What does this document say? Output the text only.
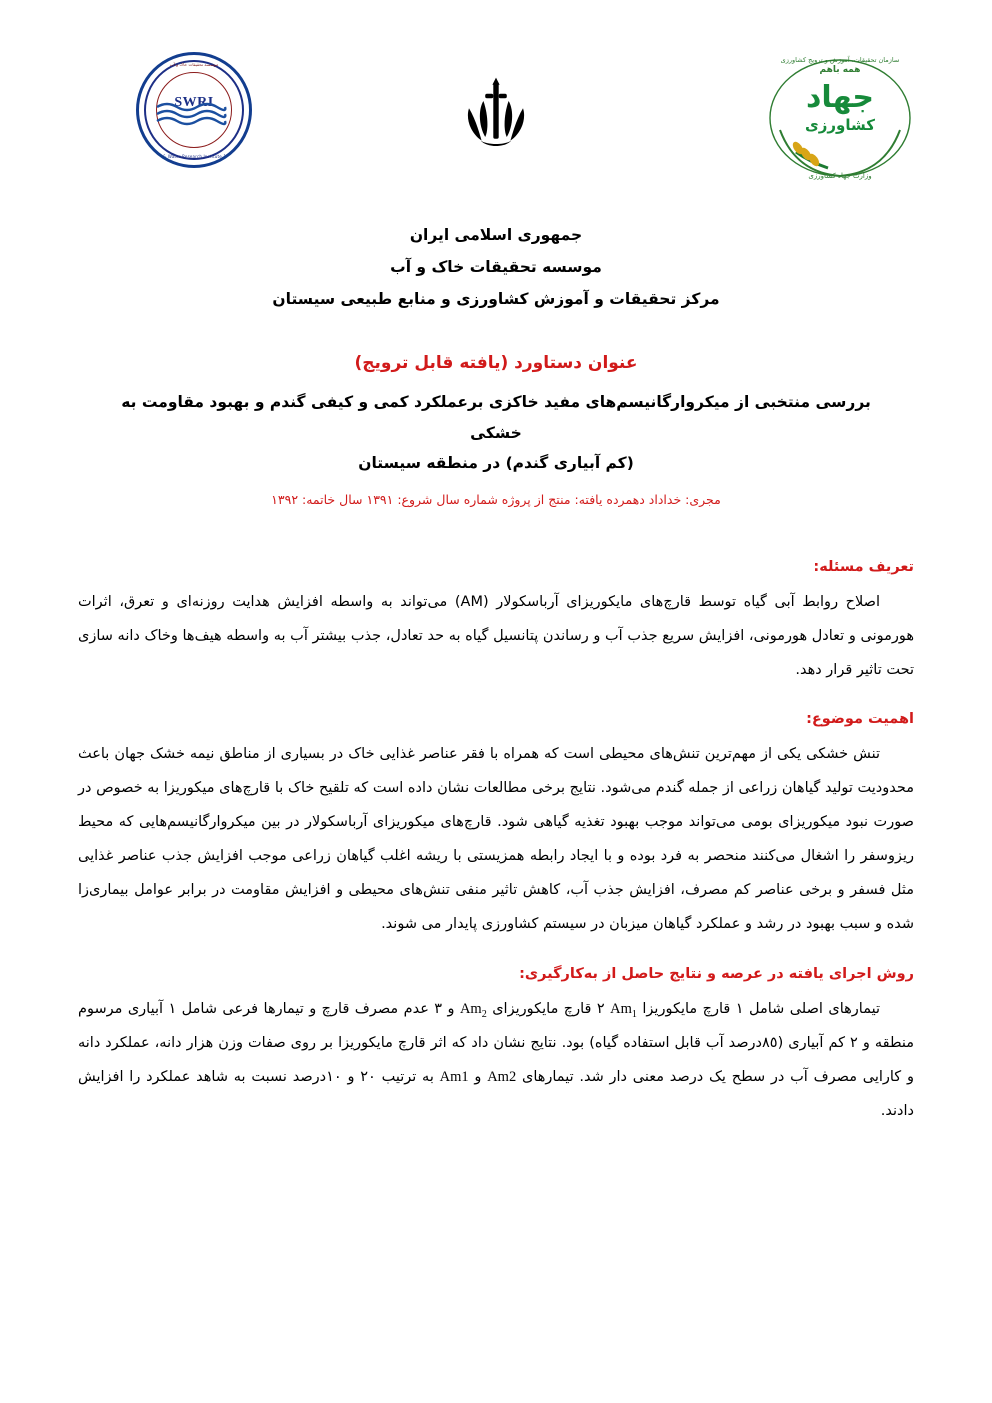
موسسه تحقیقات خاک و آب
SWRI
Soil & Water Research Institute 1952
سازمان تحقیقات، آموزش و ترویج کشاورزی
همه باهم
جهاد
کشاورزی
وزارت جهاد کشاورزی
جمهوری اسلامی ایران
موسسه تحقیقات خاک و آب
مرکز تحقیقات و آموزش کشاورزی و منابع طبیعی سیستان
عنوان دستاورد (یافته قابل ترویج)
بررسی منتخبی از میکروارگانیسم‌های مفید خاکزی برعملکرد کمی و کیفی گندم و بهبود مقاومت به خشکی
(کم آبیاری گندم) در منطقه سیستان
مجری: خداداد دهمرده یافته: منتج از پروژه شماره سال شروع: ١٣٩١ سال خاتمه: ١٣٩٢
تعریف مسئله:
اصلاح روابط آبی گیاه توسط قارچ‌های مایکوریزای آرباسکولار (AM) می‌تواند به واسطه افزایش هدایت روزنه‌ای و تعرق، اثرات هورمونی و تعادل هورمونی، افزایش سریع جذب آب و رساندن پتانسیل گیاه به حد تعادل، جذب بیشتر آب به واسطه هیف‌ها وخاک دانه سازی تحت تاثیر قرار دهد.
اهمیت موضوع:
تنش خشکی یکی از مهم‌ترین تنش‌های محیطی است که همراه با فقر عناصر غذایی خاک در بسیاری از مناطق نیمه خشک جهان باعث محدودیت تولید گیاهان زراعی از جمله گندم می‌شود. نتایج برخی مطالعات نشان داده است که تلقیح خاک با قارچ‌های میکوریزا به خصوص در صورت نبود میکوریزای بومی می‌تواند موجب بهبود تغذیه گیاهی شود. قارچ‌های میکوریزای آرباسکولار در بین میکروارگانیسم‌هایی که محیط ریزوسفر را اشغال می‌کنند منحصر به فرد بوده و با ایجاد رابطه همزیستی با ریشه اغلب گیاهان زراعی موجب افزایش جذب عناصر غذایی مثل فسفر و برخی عناصر کم مصرف، افزایش جذب آب، کاهش تاثیر منفی تنش‌های محیطی و افزایش مقاومت در برابر عوامل بیماری‌زا شده و سبب بهبود در رشد و عملکرد گیاهان میزبان در سیستم کشاورزی پایدار می شوند.
روش اجرای یافته در عرصه و نتایج حاصل از به‌کارگیری:
تیمارهای اصلی شامل ١ قارچ مایکوریزا $Am_1$ ٢ قارچ مایکوریزای $Am_2$ و ٣ عدم مصرف قارچ و تیمارها فرعی شامل ١ آبیاری مرسوم منطقه و ٢ کم آبیاری (٨٥درصد آب قابل استفاده گیاه) بود. نتایج نشان داد که اثر قارچ مایکوریزا بر روی صفات وزن هزار دانه، عملکرد دانه و کارایی مصرف آب در سطح یک درصد معنی دار شد. تیمارهای Am2 و Am1 به ترتیب ٢٠ و ١٠درصد نسبت به شاهد عملکرد را افزایش دادند.
